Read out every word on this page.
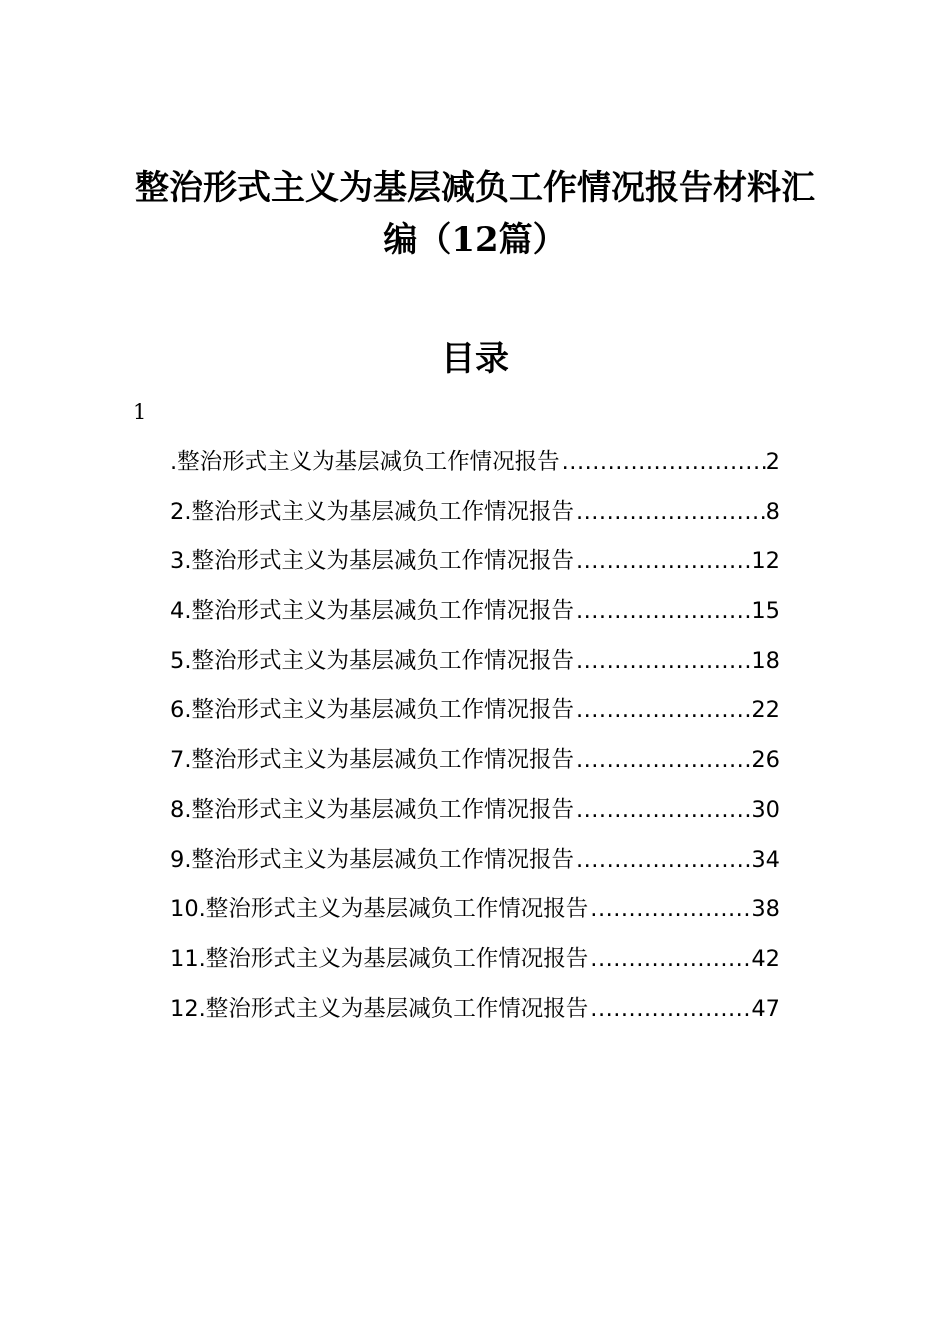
整治形式主义为基层减负工作情况报告材料汇
编（12篇）
目录
1
.整治形式主义为基层减负工作情况报告 .....	2
2.整治形式主义为基层减负工作情况报告 .....	8
3.整治形式主义为基层减负工作情况报告 .....	12
4.整治形式主义为基层减负工作情况报告 .....	15
5.整治形式主义为基层减负工作情况报告 .....	18
6.整治形式主义为基层减负工作情况报告 .....	22
7.整治形式主义为基层减负工作情况报告 .....	26
8.整治形式主义为基层减负工作情况报告 .....	30
9.整治形式主义为基层减负工作情况报告 .....	34
10.整治形式主义为基层减负工作情况报告 .....	38
11.整治形式主义为基层减负工作情况报告 .....	42
12.整治形式主义为基层减负工作情况报告 .....	47
